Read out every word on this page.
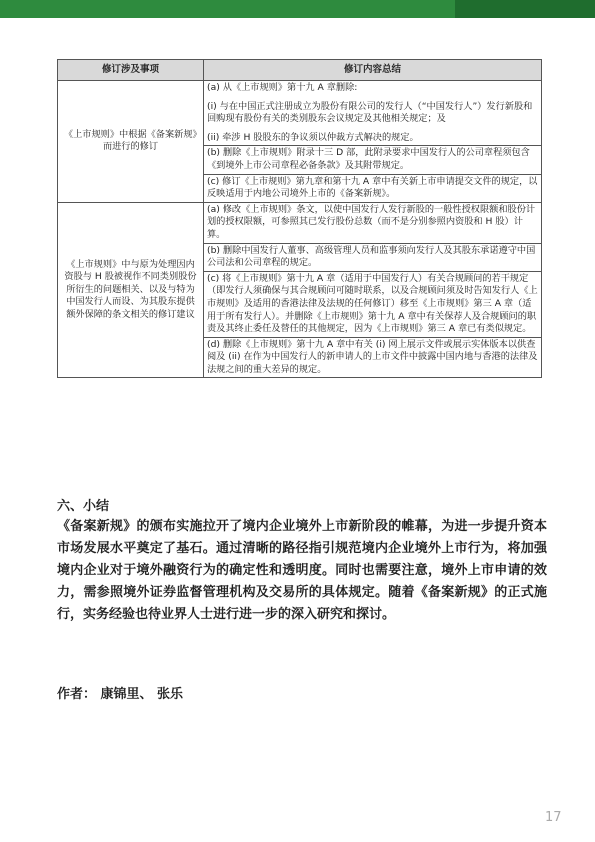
修订涉及事项	修订内容总结
《上市规则》中根据《备案新规》而进行的修订	(a) 从《上市规则》第十九 A 章删除:

(i) 与在中国正式注册成立为股份有限公司的发行人（“中国发行人”）发行新股和回购现有股份有关的类别股东会议规定及其他相关规定；及

(ii) 牵涉 H 股股东的争议须以仲裁方式解决的规定。

	(b) 删除《上市规则》附录十三 D 部，此附录要求中国发行人的公司章程须包含《到境外上市公司章程必备条款》及其附带规定。
	(c) 修订《上市规则》第九章和第十九 A 章中有关新上市申请提交文件的规定，以反映适用于内地公司境外上市的《备案新规》。
《上市规则》中与原为处理因内资股与 H 股被视作不同类别股份所衍生的问题相关、以及与特为中国发行人而设、为其股东提供额外保障的条文相关的修订建议	(a) 修改《上市规则》条文，以使中国发行人发行新股的一般性授权限额和股份计划的授权限额，可参照其已发行股份总数（而不是分别参照内资股和 H 股）计算。
	(b) 删除中国发行人董事、高级管理人员和监事须向发行人及其股东承诺遵守中国公司法和公司章程的规定。
	(c) 将《上市规则》第十九 A 章（适用于中国发行人）有关合规顾问的若干规定（即发行人须确保与其合规顾问可随时联系，以及合规顾问须及时告知发行人《上市规则》及适用的香港法律及法规的任何修订）移至《上市规则》第三 A 章（适用于所有发行人）。并删除《上市规则》第十九 A 章中有关保荐人及合规顾问的职责及其终止委任及替任的其他规定，因为《上市规则》第三 A 章已有类似规定。
	(d) 删除《上市规则》第十九 A 章中有关 (i) 网上展示文件或展示实体版本以供查阅及 (ii) 在作为中国发行人的新申请人的上市文件中披露中国内地与香港的法律及法规之间的重大差异的规定。
六、小结
《备案新规》的颁布实施拉开了境内企业境外上市新阶段的帷幕，为进一步提升资本市场发展水平奠定了基石。通过清晰的路径指引规范境内企业境外上市行为，将加强境内企业对于境外融资行为的确定性和透明度。同时也需要注意，境外上市申请的效力，需参照境外证券监督管理机构及交易所的具体规定。随着《备案新规》的正式施行，实务经验也待业界人士进行进一步的深入研究和探讨。
作者： 康锦里、 张乐
17
